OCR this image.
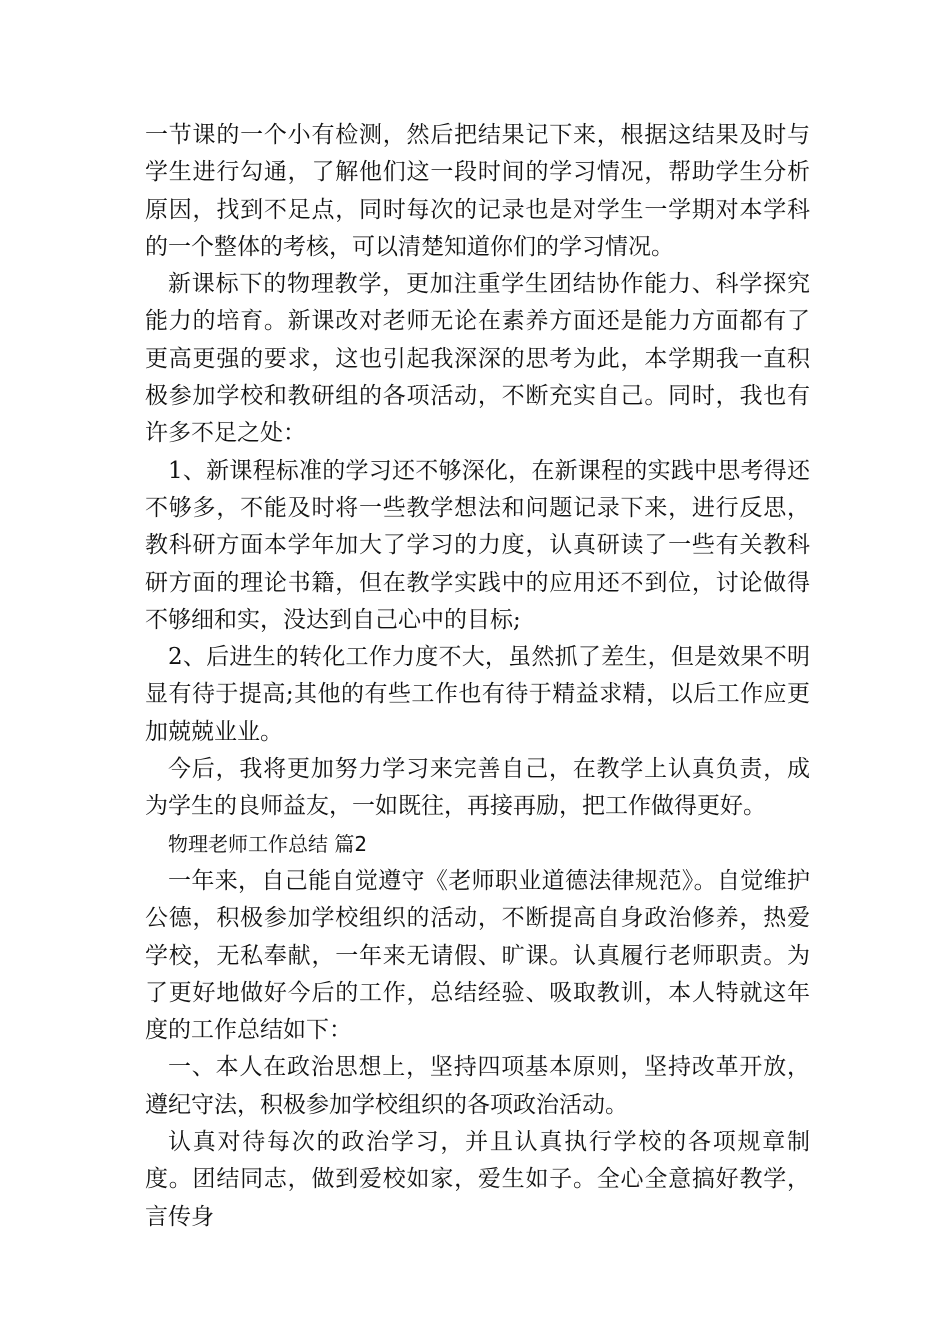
一节课的一个小有检测，然后把结果记下来，根据这结果及时与学生进行勾通，了解他们这一段时间的学习情况，帮助学生分析原因，找到不足点，同时每次的记录也是对学生一学期对本学科的一个整体的考核，可以清楚知道你们的学习情况。

新课标下的物理教学，更加注重学生团结协作能力、科学探究能力的培育。新课改对老师无论在素养方面还是能力方面都有了更高更强的要求，这也引起我深深的思考为此，本学期我一直积极参加学校和教研组的各项活动，不断充实自己。同时，我也有许多不足之处：

1、新课程标准的学习还不够深化，在新课程的实践中思考得还不够多，不能及时将一些教学想法和问题记录下来，进行反思，教科研方面本学年加大了学习的力度，认真研读了一些有关教科研方面的理论书籍，但在教学实践中的应用还不到位，讨论做得不够细和实，没达到自己心中的目标;

2、后进生的转化工作力度不大，虽然抓了差生，但是效果不明显有待于提高;其他的有些工作也有待于精益求精，以后工作应更加兢兢业业。

今后，我将更加努力学习来完善自己，在教学上认真负责，成为学生的良师益友，一如既往，再接再励，把工作做得更好。

物理老师工作总结 篇2

一年来，自己能自觉遵守《老师职业道德法律规范》。自觉维护公德，积极参加学校组织的活动，不断提高自身政治修养，热爱学校，无私奉献，一年来无请假、旷课。认真履行老师职责。为了更好地做好今后的工作，总结经验、吸取教训，本人特就这年度的工作总结如下：

一、本人在政治思想上，坚持四项基本原则，坚持改革开放，遵纪守法，积极参加学校组织的各项政治活动。

认真对待每次的政治学习，并且认真执行学校的各项规章制度。团结同志，做到爱校如家，爱生如子。全心全意搞好教学，言传身
